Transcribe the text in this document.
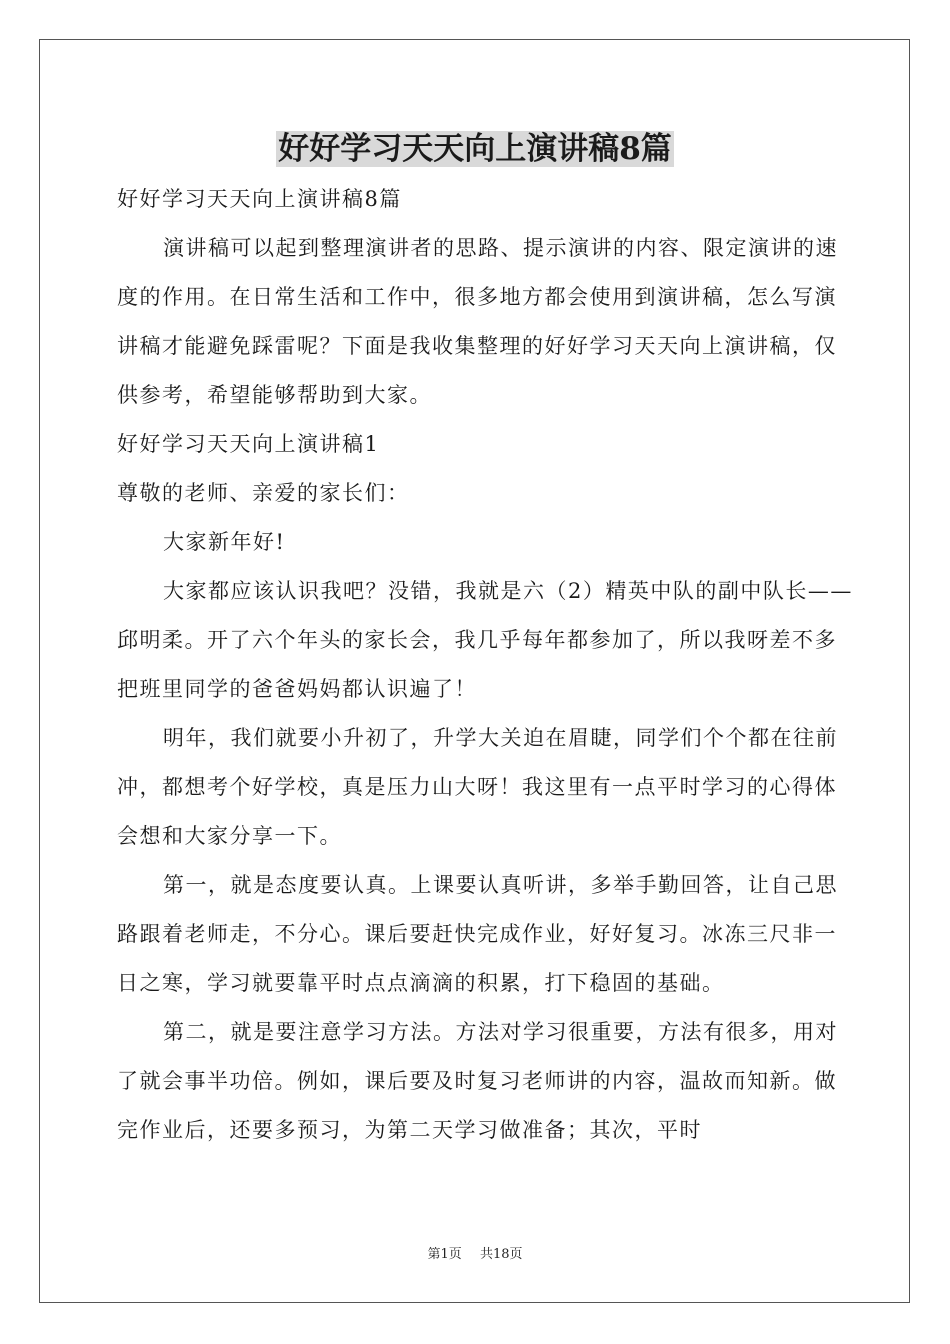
好好学习天天向上演讲稿8篇

好好学习天天向上演讲稿8篇

演讲稿可以起到整理演讲者的思路、提示演讲的内容、限定演讲的速度的作用。在日常生活和工作中，很多地方都会使用到演讲稿，怎么写演讲稿才能避免踩雷呢？下面是我收集整理的好好学习天天向上演讲稿，仅供参考，希望能够帮助到大家。

好好学习天天向上演讲稿1

尊敬的老师、亲爱的家长们：

大家新年好!

大家都应该认识我吧？没错，我就是六（2）精英中队的副中队长——邱明柔。开了六个年头的家长会，我几乎每年都参加了，所以我呀差不多把班里同学的爸爸妈妈都认识遍了！

明年，我们就要小升初了，升学大关迫在眉睫，同学们个个都在往前冲，都想考个好学校，真是压力山大呀！我这里有一点平时学习的心得体会想和大家分享一下。

第一，就是态度要认真。上课要认真听讲，多举手勤回答，让自己思路跟着老师走，不分心。课后要赶快完成作业，好好复习。冰冻三尺非一日之寒，学习就要靠平时点点滴滴的积累，打下稳固的基础。

第二，就是要注意学习方法。方法对学习很重要，方法有很多，用对了就会事半功倍。例如，课后要及时复习老师讲的内容，温故而知新。做完作业后，还要多预习，为第二天学习做准备；其次，平时

第1页 共18页
